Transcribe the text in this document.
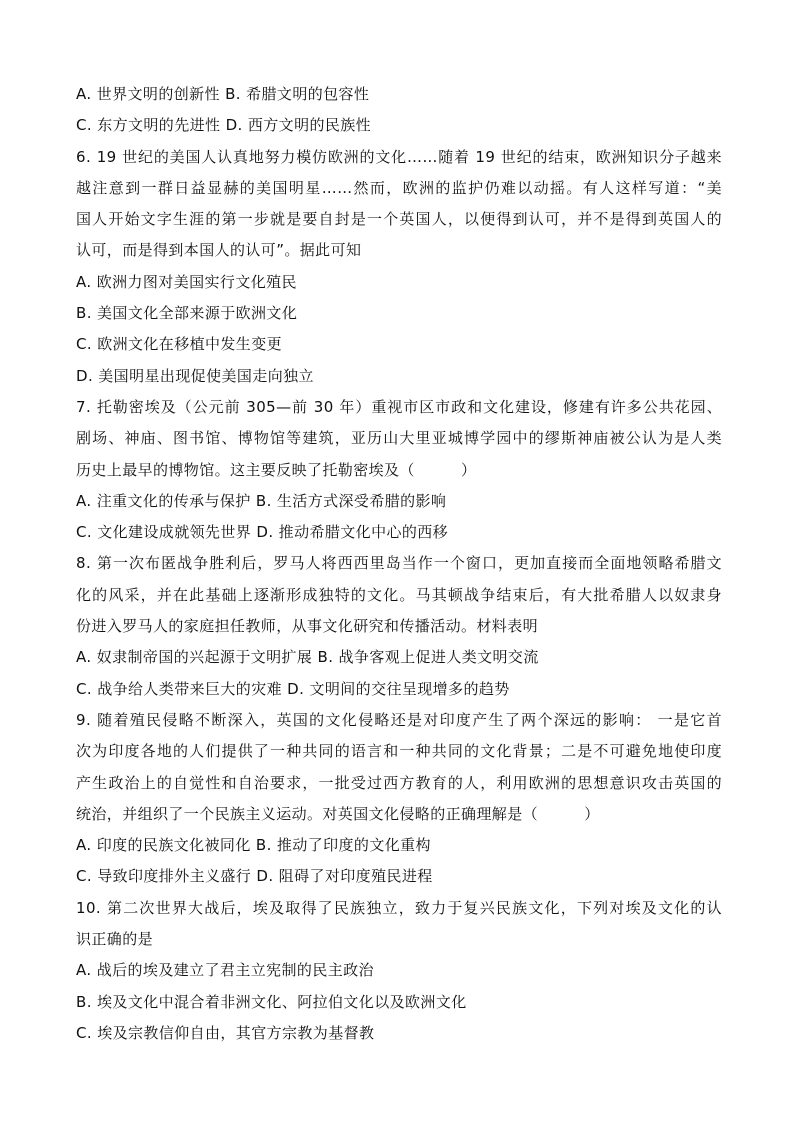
A. 世界文明的创新性 B. 希腊文明的包容性
C. 东方文明的先进性 D. 西方文明的民族性
6. 19 世纪的美国人认真地努力模仿欧洲的文化……随着 19 世纪的结束，欧洲知识分子越来
越注意到一群日益显赫的美国明星……然而，欧洲的监护仍难以动摇。有人这样写道：“美
国人开始文字生涯的第一步就是要自封是一个英国人，以便得到认可，并不是得到英国人的
认可，而是得到本国人的认可”。据此可知
A. 欧洲力图对美国实行文化殖民
B. 美国文化全部来源于欧洲文化
C. 欧洲文化在移植中发生变更
D. 美国明星出现促使美国走向独立
7. 托勒密埃及（公元前 305—前 30 年）重视市区市政和文化建设，修建有许多公共花园、
剧场、神庙、图书馆、博物馆等建筑，亚历山大里亚城博学园中的缪斯神庙被公认为是人类
历史上最早的博物馆。这主要反映了托勒密埃及（　　　）
A. 注重文化的传承与保护 B. 生活方式深受希腊的影响
C. 文化建设成就领先世界 D. 推动希腊文化中心的西移
8. 第一次布匿战争胜利后，罗马人将西西里岛当作一个窗口，更加直接而全面地领略希腊文
化的风采，并在此基础上逐渐形成独特的文化。马其顿战争结束后，有大批希腊人以奴隶身
份进入罗马人的家庭担任教师，从事文化研究和传播活动。材料表明
A. 奴隶制帝国的兴起源于文明扩展 B. 战争客观上促进人类文明交流
C. 战争给人类带来巨大的灾难 D. 文明间的交往呈现增多的趋势
9. 随着殖民侵略不断深入，英国的文化侵略还是对印度产生了两个深远的影响： 一是它首
次为印度各地的人们提供了一种共同的语言和一种共同的文化背景；二是不可避免地使印度
产生政治上的自觉性和自治要求，一批受过西方教育的人，利用欧洲的思想意识攻击英国的
统治，并组织了一个民族主义运动。对英国文化侵略的正确理解是（　　　）
A. 印度的民族文化被同化 B. 推动了印度的文化重构
C. 导致印度排外主义盛行 D. 阻碍了对印度殖民进程
10. 第二次世界大战后，埃及取得了民族独立，致力于复兴民族文化，下列对埃及文化的认
识正确的是
A. 战后的埃及建立了君主立宪制的民主政治
B. 埃及文化中混合着非洲文化、阿拉伯文化以及欧洲文化
C. 埃及宗教信仰自由，其官方宗教为基督教
